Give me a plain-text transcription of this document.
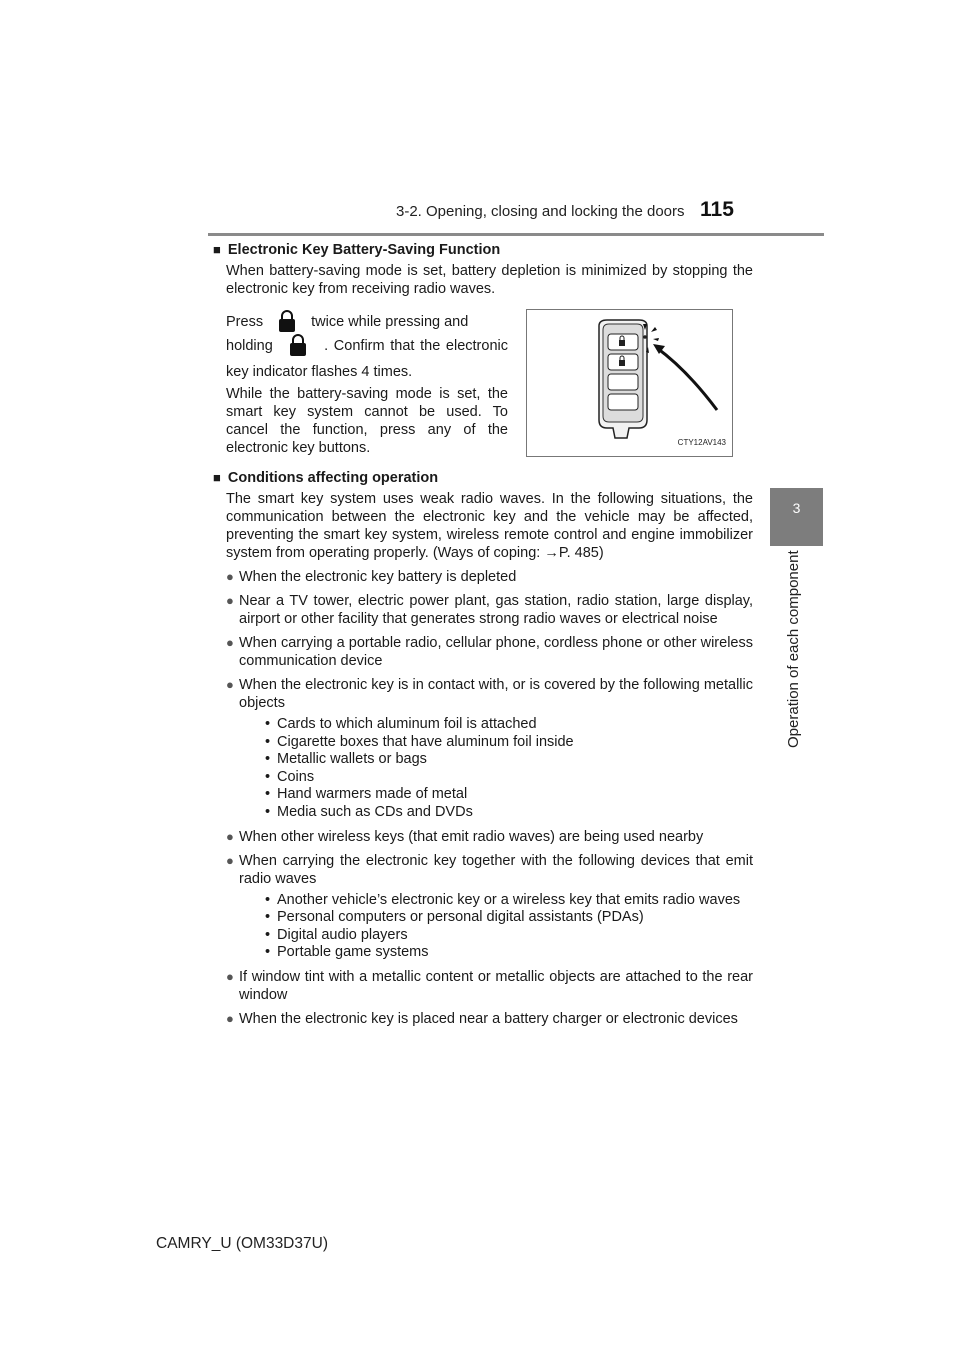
3-2. Opening, closing and locking the doors 115
3
Operation of each component
■ Electronic Key Battery-Saving Function

When battery-saving mode is set, battery depletion is minimized by stopping the electronic key from receiving radio waves.

Press	twice while pressing and
holding	. Confirm that the electronic key indicator flashes 4 times.
While the battery-saving mode is set, the smart key system cannot be used. To cancel the function, press any of the electronic key buttons.	CTY12AV143
■ Conditions affecting operation

The smart key system uses weak radio waves. In the following situations, the communication between the electronic key and the vehicle may be affected, preventing the smart key system, wireless remote control and engine immobilizer system from operating properly. (Ways of coping: →P. 485)

● When the electronic key battery is depleted
● Near a TV tower, electric power plant, gas station, radio station, large display, airport or other facility that generates strong radio waves or electrical noise
● When carrying a portable radio, cellular phone, cordless phone or other wireless communication device
● When the electronic key is in contact with, or is covered by the following metallic objects
• Cards to which aluminum foil is attached
• Cigarette boxes that have aluminum foil inside
• Metallic wallets or bags
• Coins
• Hand warmers made of metal
• Media such as CDs and DVDs
● When other wireless keys (that emit radio waves) are being used nearby
● When carrying the electronic key together with the following devices that emit radio waves
• Another vehicle’s electronic key or a wireless key that emits radio waves
• Personal computers or personal digital assistants (PDAs)
• Digital audio players
• Portable game systems
● If window tint with a metallic content or metallic objects are attached to the rear window
● When the electronic key is placed near a battery charger or electronic devices
CAMRY_U (OM33D37U)
